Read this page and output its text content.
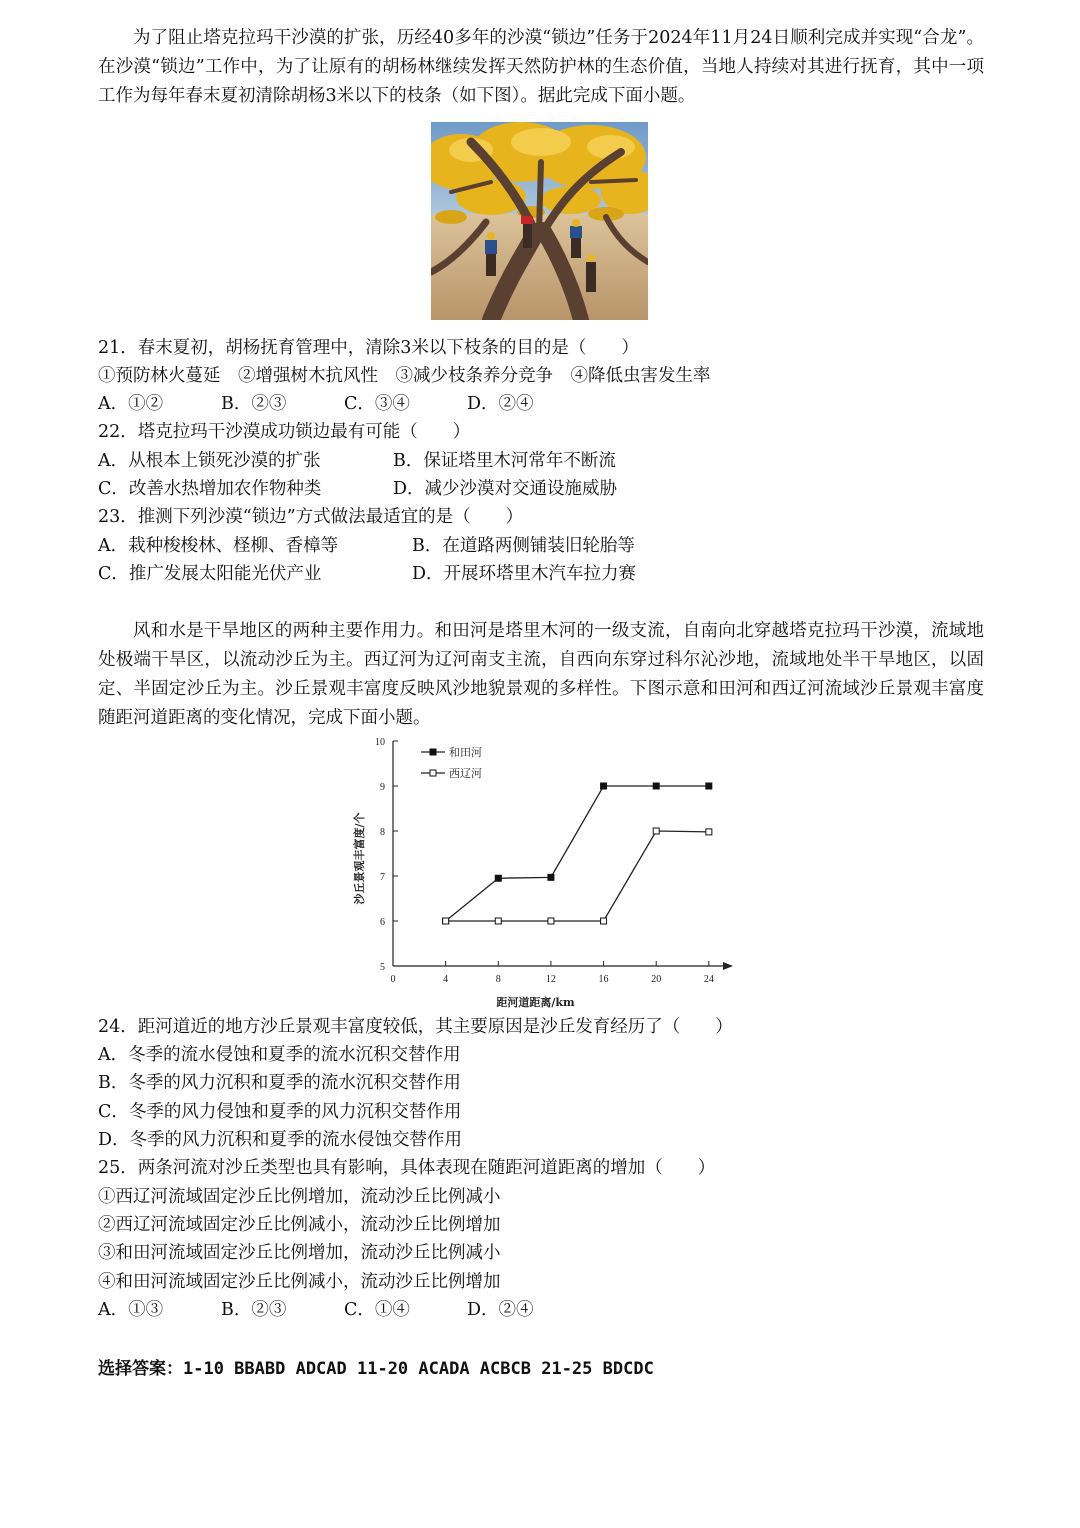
为了阻止塔克拉玛干沙漠的扩张，历经40多年的沙漠“锁边”任务于2024年11月24日顺利完成并实现“合龙”。在沙漠“锁边”工作中，为了让原有的胡杨林继续发挥天然防护林的生态价值，当地人持续对其进行抚育，其中一项工作为每年春末夏初清除胡杨3米以下的枝条（如下图）。据此完成下面小题。
21．春末夏初，胡杨抚育管理中，清除3米以下枝条的目的是（　　）
①预防林火蔓延　②增强树木抗风性　③减少枝条养分竞争　④降低虫害发生率
A．①②	B．②③	C．③④	D．②④
22．塔克拉玛干沙漠成功锁边最有可能（　　）
A．从根本上锁死沙漠的扩张	B．保证塔里木河常年不断流
C．改善水热增加农作物种类	D．减少沙漠对交通设施威胁
23．推测下列沙漠“锁边”方式做法最适宜的是（　　）
A．栽种梭梭林、柽柳、香樟等	B．在道路两侧铺装旧轮胎等
C．推广发展太阳能光伏产业	D．开展环塔里木汽车拉力赛
风和水是干旱地区的两种主要作用力。和田河是塔里木河的一级支流，自南向北穿越塔克拉玛干沙漠，流域地处极端干旱区，以流动沙丘为主。西辽河为辽河南支主流，自西向东穿过科尔沁沙地，流域地处半干旱地区，以固定、半固定沙丘为主。沙丘景观丰富度反映风沙地貌景观的多样性。下图示意和田河和西辽河流域沙丘景观丰富度随距河道距离的变化情况，完成下面小题。
5
6
7
8
9
10
0	4	8	12	16	20	24
距河道距离/km
沙丘景观丰富度/个
和田河
西辽河
24．距河道近的地方沙丘景观丰富度较低，其主要原因是沙丘发育经历了（　　）
A．冬季的流水侵蚀和夏季的流水沉积交替作用
B．冬季的风力沉积和夏季的流水沉积交替作用
C．冬季的风力侵蚀和夏季的风力沉积交替作用
D．冬季的风力沉积和夏季的流水侵蚀交替作用
25．两条河流对沙丘类型也具有影响，具体表现在随距河道距离的增加（　　）
①西辽河流域固定沙丘比例增加，流动沙丘比例减小
②西辽河流域固定沙丘比例减小，流动沙丘比例增加
③和田河流域固定沙丘比例增加，流动沙丘比例减小
④和田河流域固定沙丘比例减小，流动沙丘比例增加
A．①③	B．②③	C．①④	D．②④
选择答案：1-10 BBABD ADCAD 11-20 ACADA ACBCB 21-25 BDCDC
